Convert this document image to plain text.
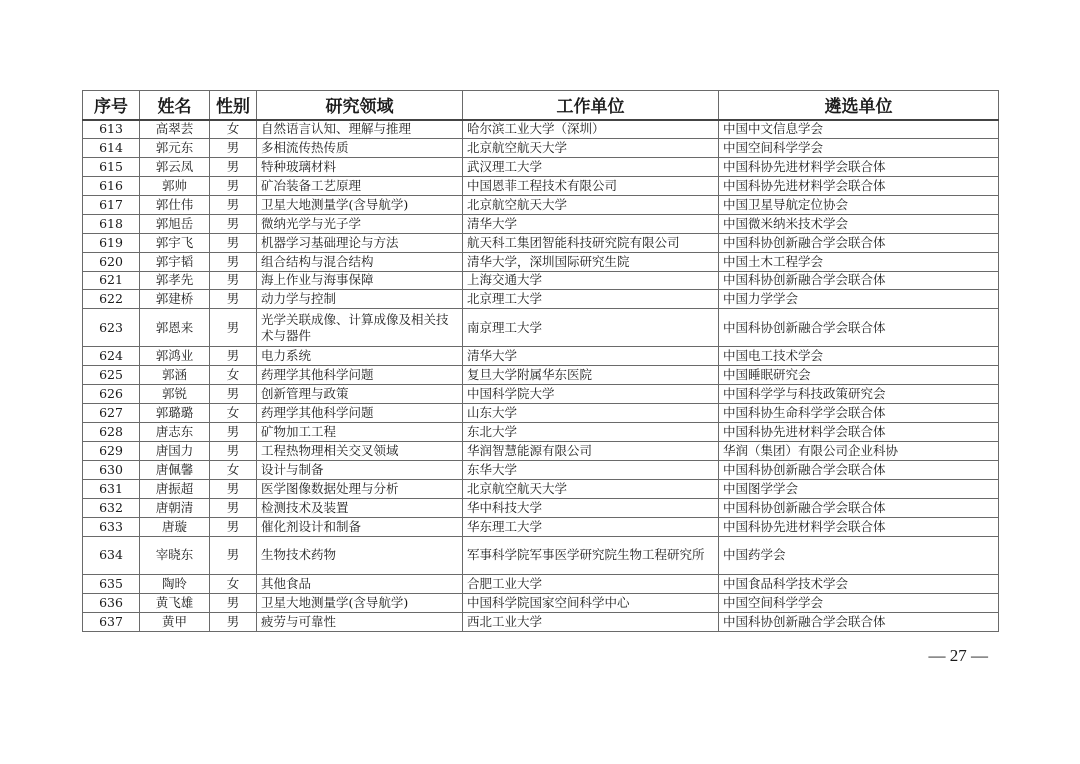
序号	姓名	性别	研究领域	工作单位	遴选单位
613	高翠芸	女	自然语言认知、理解与推理	哈尔滨工业大学（深圳）	中国中文信息学会
614	郭元东	男	多相流传热传质	北京航空航天大学	中国空间科学学会
615	郭云凤	男	特种玻璃材料	武汉理工大学	中国科协先进材料学会联合体
616	郭帅	男	矿冶装备工艺原理	中国恩菲工程技术有限公司	中国科协先进材料学会联合体
617	郭仕伟	男	卫星大地测量学(含导航学)	北京航空航天大学	中国卫星导航定位协会
618	郭旭岳	男	微纳光学与光子学	清华大学	中国微米纳米技术学会
619	郭宇飞	男	机器学习基础理论与方法	航天科工集团智能科技研究院有限公司	中国科协创新融合学会联合体
620	郭宇韬	男	组合结构与混合结构	清华大学，深圳国际研究生院	中国土木工程学会
621	郭孝先	男	海上作业与海事保障	上海交通大学	中国科协创新融合学会联合体
622	郭建桥	男	动力学与控制	北京理工大学	中国力学学会
623	郭恩来	男	光学关联成像、计算成像及相关技术与器件	南京理工大学	中国科协创新融合学会联合体
624	郭鸿业	男	电力系统	清华大学	中国电工技术学会
625	郭涵	女	药理学其他科学问题	复旦大学附属华东医院	中国睡眠研究会
626	郭锐	男	创新管理与政策	中国科学院大学	中国科学学与科技政策研究会
627	郭璐璐	女	药理学其他科学问题	山东大学	中国科协生命科学学会联合体
628	唐志东	男	矿物加工工程	东北大学	中国科协先进材料学会联合体
629	唐国力	男	工程热物理相关交叉领域	华润智慧能源有限公司	华润（集团）有限公司企业科协
630	唐佩馨	女	设计与制备	东华大学	中国科协创新融合学会联合体
631	唐振超	男	医学图像数据处理与分析	北京航空航天大学	中国图学学会
632	唐朝清	男	检测技术及装置	华中科技大学	中国科协创新融合学会联合体
633	唐璇	男	催化剂设计和制备	华东理工大学	中国科协先进材料学会联合体
634	宰晓东	男	生物技术药物	军事科学院军事医学研究院生物工程研究所	中国药学会
635	陶昤	女	其他食品	合肥工业大学	中国食品科学技术学会
636	黄飞雄	男	卫星大地测量学(含导航学)	中国科学院国家空间科学中心	中国空间科学学会
637	黄甲	男	疲劳与可靠性	西北工业大学	中国科协创新融合学会联合体
— 27 —
